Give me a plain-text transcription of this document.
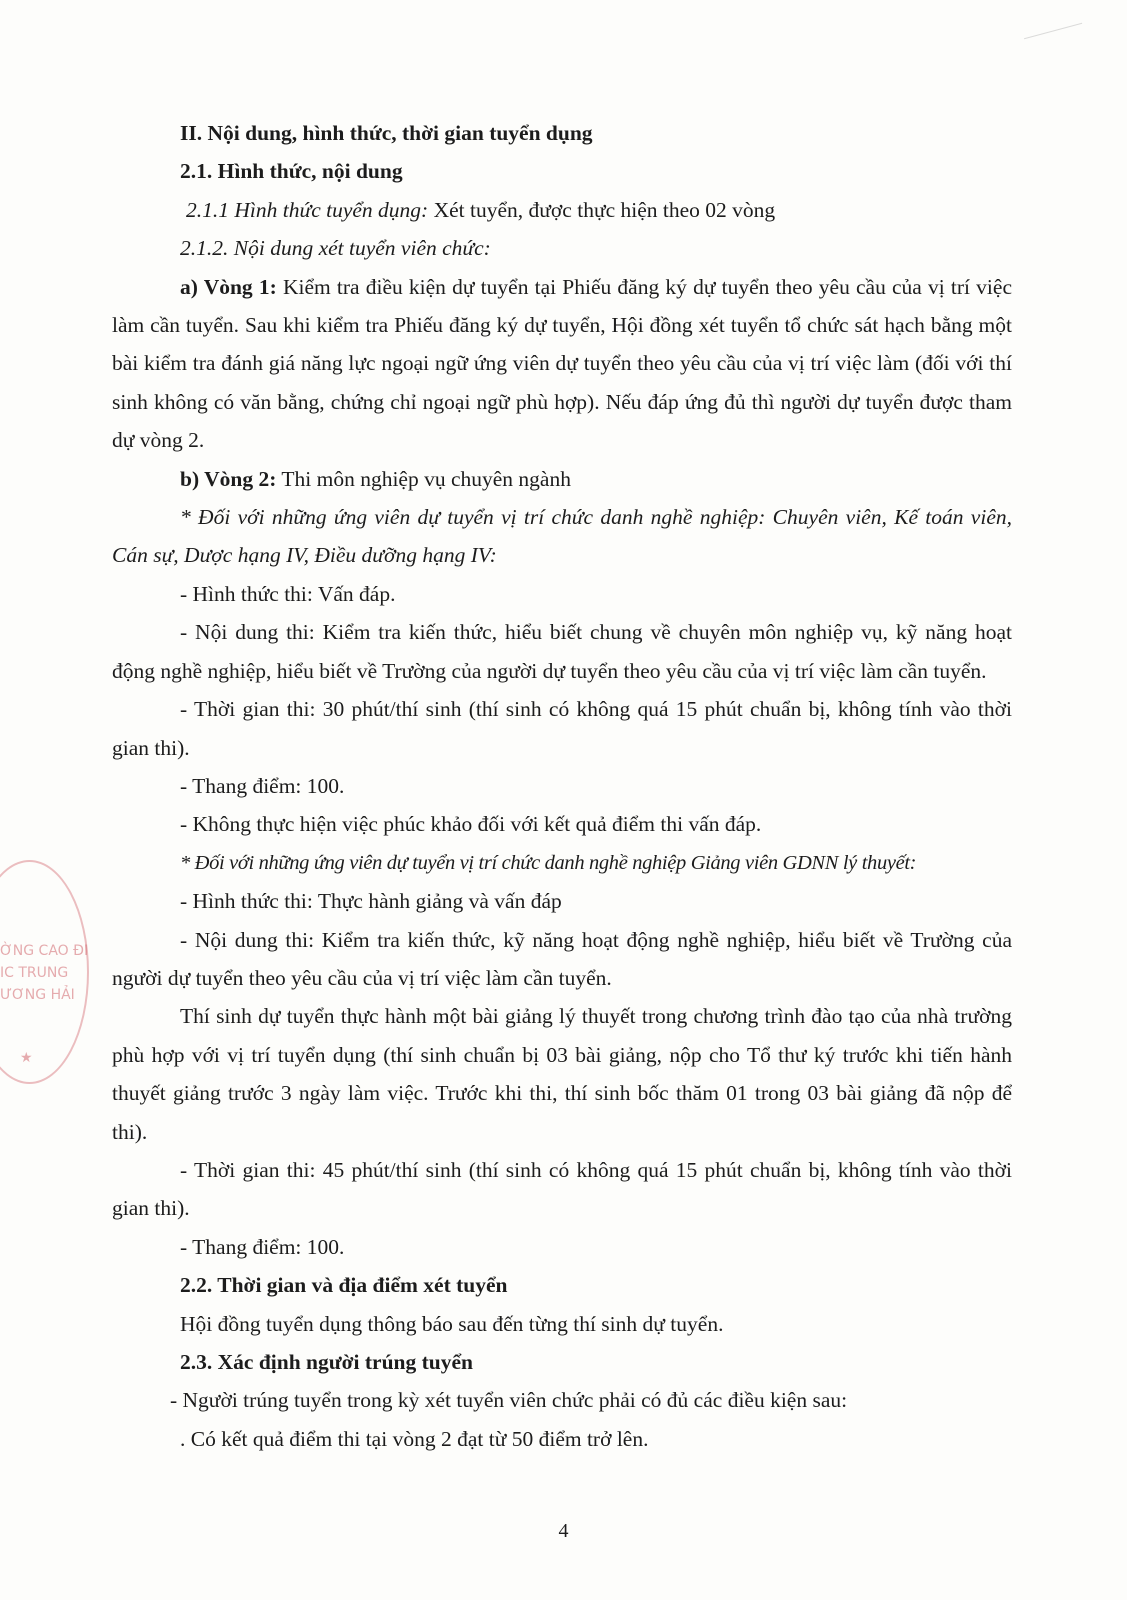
ỜNG CAO ĐI
IC TRUNG
ƯƠNG HẢI
★

II. Nội dung, hình thức, thời gian tuyển dụng

2.1. Hình thức, nội dung

2.1.1 Hình thức tuyển dụng: Xét tuyển, được thực hiện theo 02 vòng

2.1.2. Nội dung xét tuyển viên chức:

a) Vòng 1: Kiểm tra điều kiện dự tuyển tại Phiếu đăng ký dự tuyển theo yêu cầu của vị trí việc làm cần tuyển. Sau khi kiểm tra Phiếu đăng ký dự tuyển, Hội đồng xét tuyển tổ chức sát hạch bằng một bài kiểm tra đánh giá năng lực ngoại ngữ ứng viên dự tuyển theo yêu cầu của vị trí việc làm (đối với thí sinh không có văn bằng, chứng chỉ ngoại ngữ phù hợp). Nếu đáp ứng đủ thì người dự tuyển được tham dự vòng 2.

b) Vòng 2: Thi môn nghiệp vụ chuyên ngành

* Đối với những ứng viên dự tuyển vị trí chức danh nghề nghiệp: Chuyên viên, Kế toán viên, Cán sự, Dược hạng IV, Điều dưỡng hạng IV:

- Hình thức thi: Vấn đáp.

- Nội dung thi: Kiểm tra kiến thức, hiểu biết chung về chuyên môn nghiệp vụ, kỹ năng hoạt động nghề nghiệp, hiểu biết về Trường của người dự tuyển theo yêu cầu của vị trí việc làm cần tuyển.

- Thời gian thi: 30 phút/thí sinh (thí sinh có không quá 15 phút chuẩn bị, không tính vào thời gian thi).

- Thang điểm: 100.

- Không thực hiện việc phúc khảo đối với kết quả điểm thi vấn đáp.

* Đối với những ứng viên dự tuyển vị trí chức danh nghề nghiệp Giảng viên GDNN lý thuyết:

- Hình thức thi: Thực hành giảng và vấn đáp

- Nội dung thi: Kiểm tra kiến thức, kỹ năng hoạt động nghề nghiệp, hiểu biết về Trường của người dự tuyển theo yêu cầu của vị trí việc làm cần tuyển.

Thí sinh dự tuyển thực hành một bài giảng lý thuyết trong chương trình đào tạo của nhà trường phù hợp với vị trí tuyển dụng (thí sinh chuẩn bị 03 bài giảng, nộp cho Tổ thư ký trước khi tiến hành thuyết giảng trước 3 ngày làm việc. Trước khi thi, thí sinh bốc thăm 01 trong 03 bài giảng đã nộp để thi).

- Thời gian thi: 45 phút/thí sinh (thí sinh có không quá 15 phút chuẩn bị, không tính vào thời gian thi).

- Thang điểm: 100.

2.2. Thời gian và địa điểm xét tuyển

Hội đồng tuyển dụng thông báo sau đến từng thí sinh dự tuyển.

2.3. Xác định người trúng tuyển

- Người trúng tuyển trong kỳ xét tuyển viên chức phải có đủ các điều kiện sau:

. Có kết quả điểm thi tại vòng 2 đạt từ 50 điểm trở lên.

4
